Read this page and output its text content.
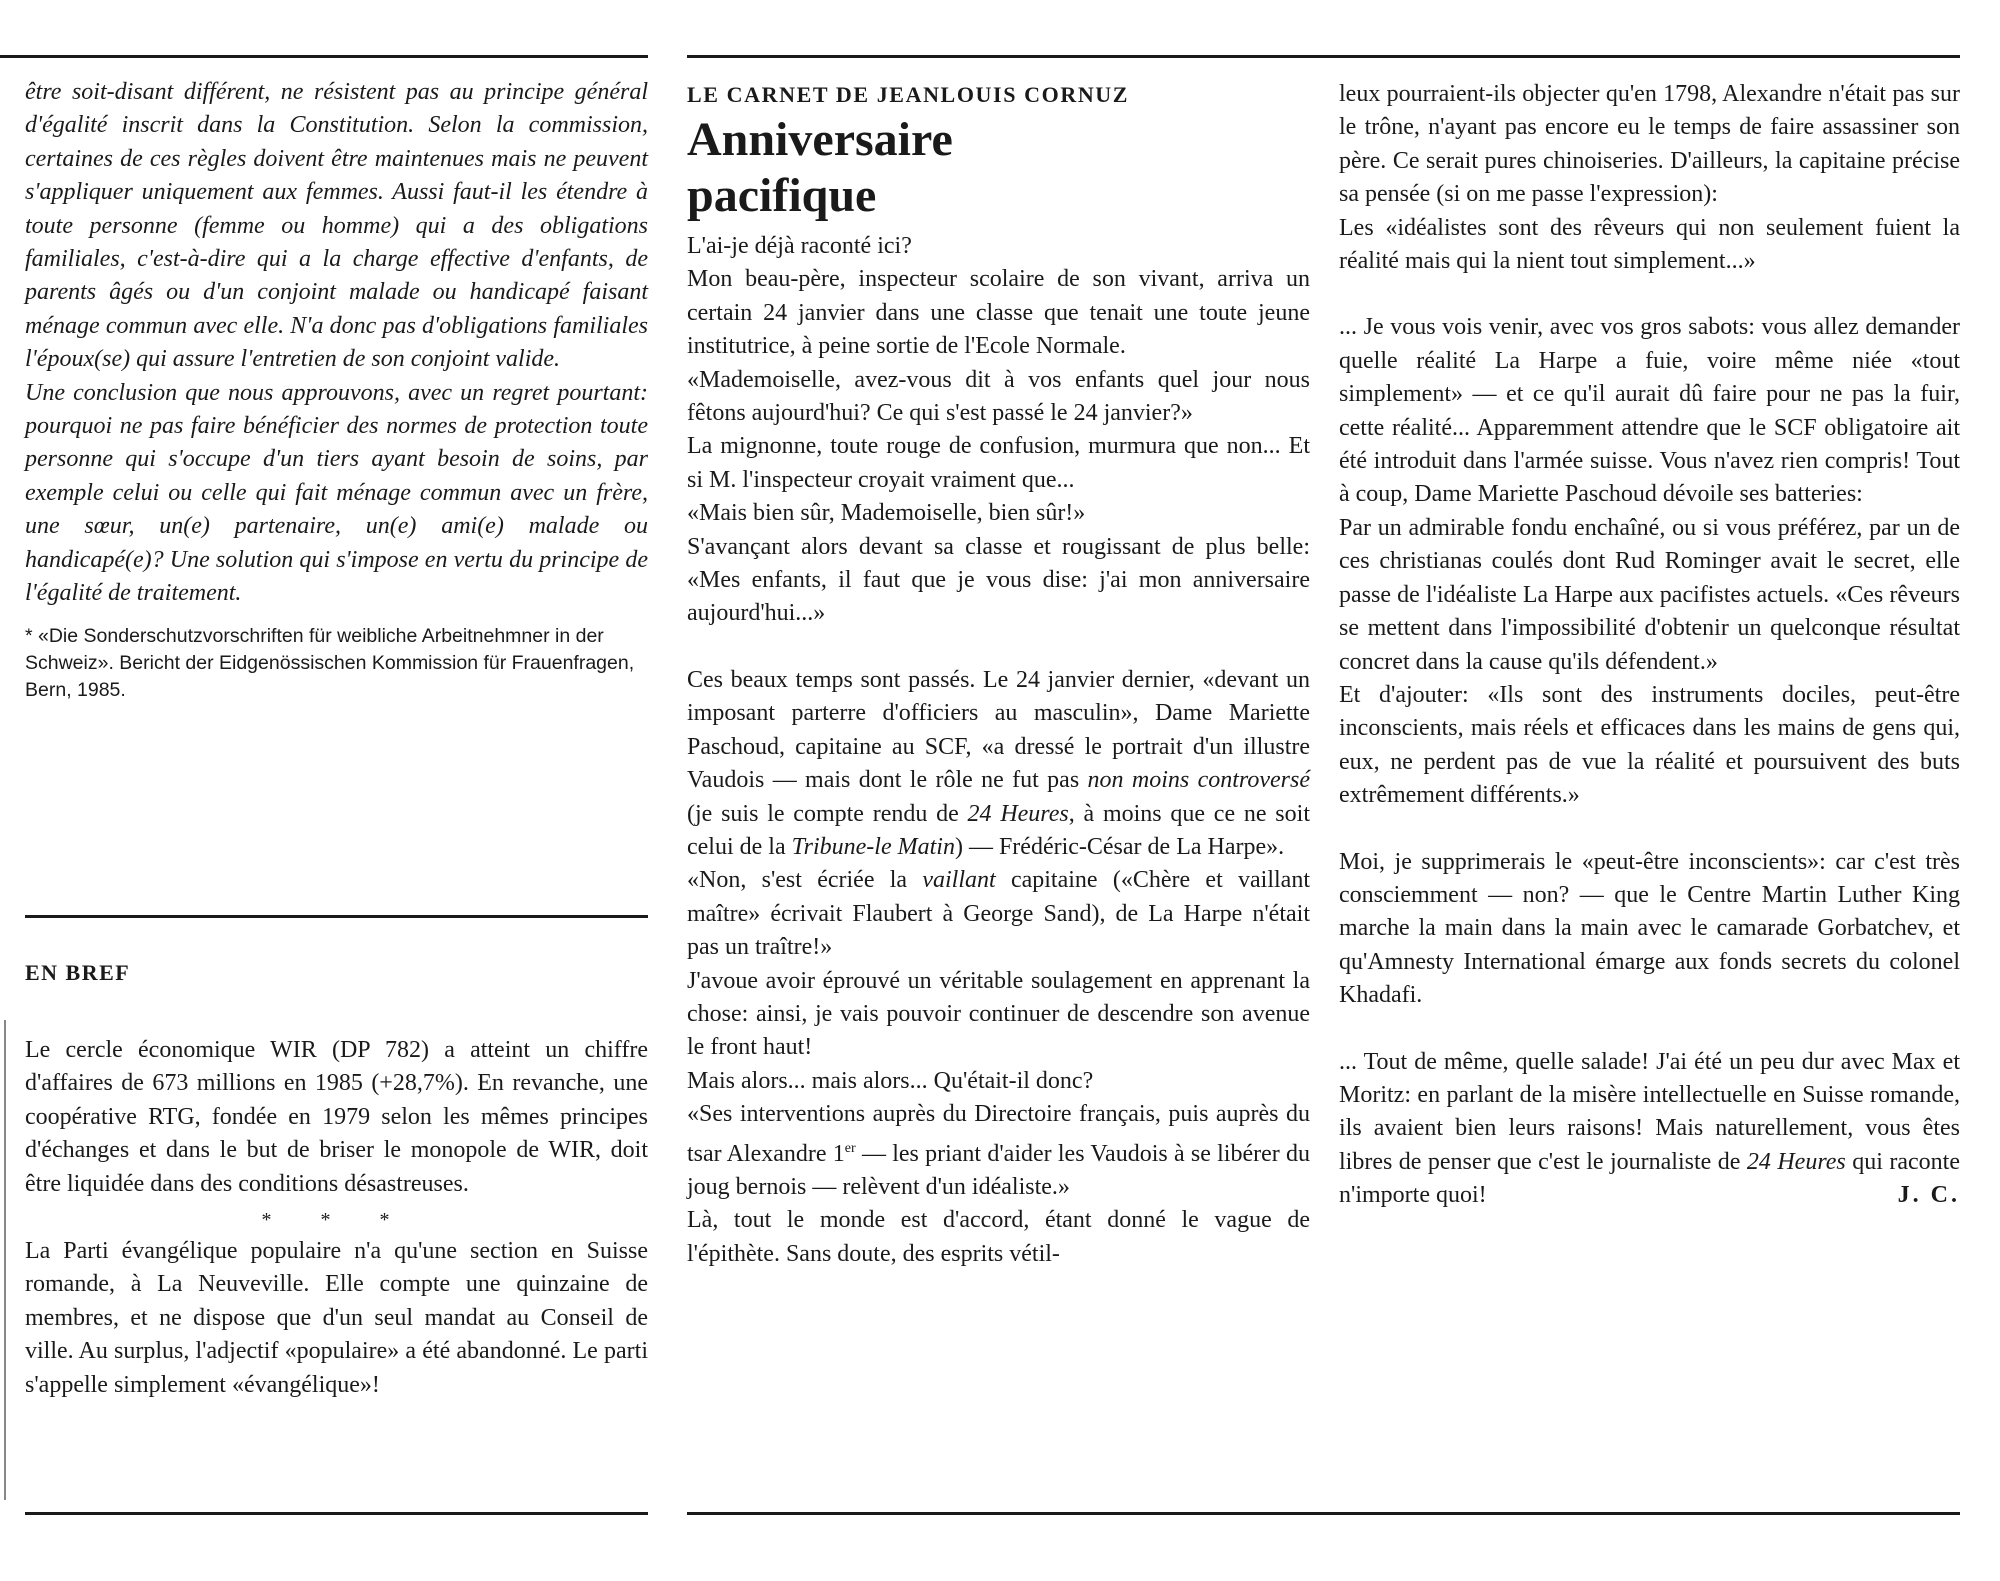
être soit-disant différent, ne résistent pas au principe général d'égalité inscrit dans la Constitution. Selon la commission, certaines de ces règles doivent être maintenues mais ne peuvent s'appliquer uniquement aux femmes. Aussi faut-il les étendre à toute personne (femme ou homme) qui a des obligations familiales, c'est-à-dire qui a la charge effective d'enfants, de parents âgés ou d'un conjoint malade ou handicapé faisant ménage commun avec elle. N'a donc pas d'obligations familiales l'époux(se) qui assure l'entretien de son conjoint valide.

Une conclusion que nous approuvons, avec un regret pourtant: pourquoi ne pas faire bénéficier des normes de protection toute personne qui s'occupe d'un tiers ayant besoin de soins, par exemple celui ou celle qui fait ménage commun avec un frère, une sœur, un(e) partenaire, un(e) ami(e) malade ou handicapé(e)? Une solution qui s'impose en vertu du principe de l'égalité de traitement.

* «Die Sonderschutzvorschriften für weibliche Arbeitnehmner in der Schweiz». Bericht der Eidgenössischen Kommission für Frauenfragen, Bern, 1985.

EN BREF

Le cercle économique WIR (DP 782) a atteint un chiffre d'affaires de 673 millions en 1985 (+28,7%). En revanche, une coopérative RTG, fondée en 1979 selon les mêmes principes d'échanges et dans le but de briser le monopole de WIR, doit être liquidée dans des conditions désastreuses.

* * *

La Parti évangélique populaire n'a qu'une section en Suisse romande, à La Neuveville. Elle compte une quinzaine de membres, et ne dispose que d'un seul mandat au Conseil de ville. Au surplus, l'adjectif «populaire» a été abandonné. Le parti s'appelle simplement «évangélique»!

LE CARNET DE JEANLOUIS CORNUZ

Anniversaire
pacifique

L'ai-je déjà raconté ici?

Mon beau-père, inspecteur scolaire de son vivant, arriva un certain 24 janvier dans une classe que tenait une toute jeune institutrice, à peine sortie de l'Ecole Normale.

«Mademoiselle, avez-vous dit à vos enfants quel jour nous fêtons aujourd'hui? Ce qui s'est passé le 24 janvier?»

La mignonne, toute rouge de confusion, murmura que non... Et si M. l'inspecteur croyait vraiment que...

«Mais bien sûr, Mademoiselle, bien sûr!»

S'avançant alors devant sa classe et rougissant de plus belle: «Mes enfants, il faut que je vous dise: j'ai mon anniversaire aujourd'hui...»

Ces beaux temps sont passés. Le 24 janvier dernier, «devant un imposant parterre d'officiers au masculin», Dame Mariette Paschoud, capitaine au SCF, «a dressé le portrait d'un illustre Vaudois — mais dont le rôle ne fut pas non moins controversé (je suis le compte rendu de 24 Heures, à moins que ce ne soit celui de la Tribune-le Matin) — Frédéric-César de La Harpe».

«Non, s'est écriée la vaillant capitaine («Chère et vaillant maître» écrivait Flaubert à George Sand), de La Harpe n'était pas un traître!»

J'avoue avoir éprouvé un véritable soulagement en apprenant la chose: ainsi, je vais pouvoir continuer de descendre son avenue le front haut!

Mais alors... mais alors... Qu'était-il donc?

«Ses interventions auprès du Directoire français, puis auprès du tsar Alexandre 1er — les priant d'aider les Vaudois à se libérer du joug bernois — relèvent d'un idéaliste.»

Là, tout le monde est d'accord, étant donné le vague de l'épithète. Sans doute, des esprits vétil-

leux pourraient-ils objecter qu'en 1798, Alexandre n'était pas sur le trône, n'ayant pas encore eu le temps de faire assassiner son père. Ce serait pures chinoiseries. D'ailleurs, la capitaine précise sa pensée (si on me passe l'expression):

Les «idéalistes sont des rêveurs qui non seulement fuient la réalité mais qui la nient tout simplement...»

... Je vous vois venir, avec vos gros sabots: vous allez demander quelle réalité La Harpe a fuie, voire même niée «tout simplement» — et ce qu'il aurait dû faire pour ne pas la fuir, cette réalité... Apparemment attendre que le SCF obligatoire ait été introduit dans l'armée suisse. Vous n'avez rien compris! Tout à coup, Dame Mariette Paschoud dévoile ses batteries:

Par un admirable fondu enchaîné, ou si vous préférez, par un de ces christianas coulés dont Rud Rominger avait le secret, elle passe de l'idéaliste La Harpe aux pacifistes actuels. «Ces rêveurs se mettent dans l'impossibilité d'obtenir un quelconque résultat concret dans la cause qu'ils défendent.»

Et d'ajouter: «Ils sont des instruments dociles, peut-être inconscients, mais réels et efficaces dans les mains de gens qui, eux, ne perdent pas de vue la réalité et poursuivent des buts extrêmement différents.»

Moi, je supprimerais le «peut-être inconscients»: car c'est très consciemment — non? — que le Centre Martin Luther King marche la main dans la main avec le camarade Gorbatchev, et qu'Amnesty International émarge aux fonds secrets du colonel Khadafi.

... Tout de même, quelle salade! J'ai été un peu dur avec Max et Moritz: en parlant de la misère intellectuelle en Suisse romande, ils avaient bien leurs raisons! Mais naturellement, vous êtes libres de penser que c'est le journaliste de 24 Heures qui raconte n'importe quoi!	J. C.
